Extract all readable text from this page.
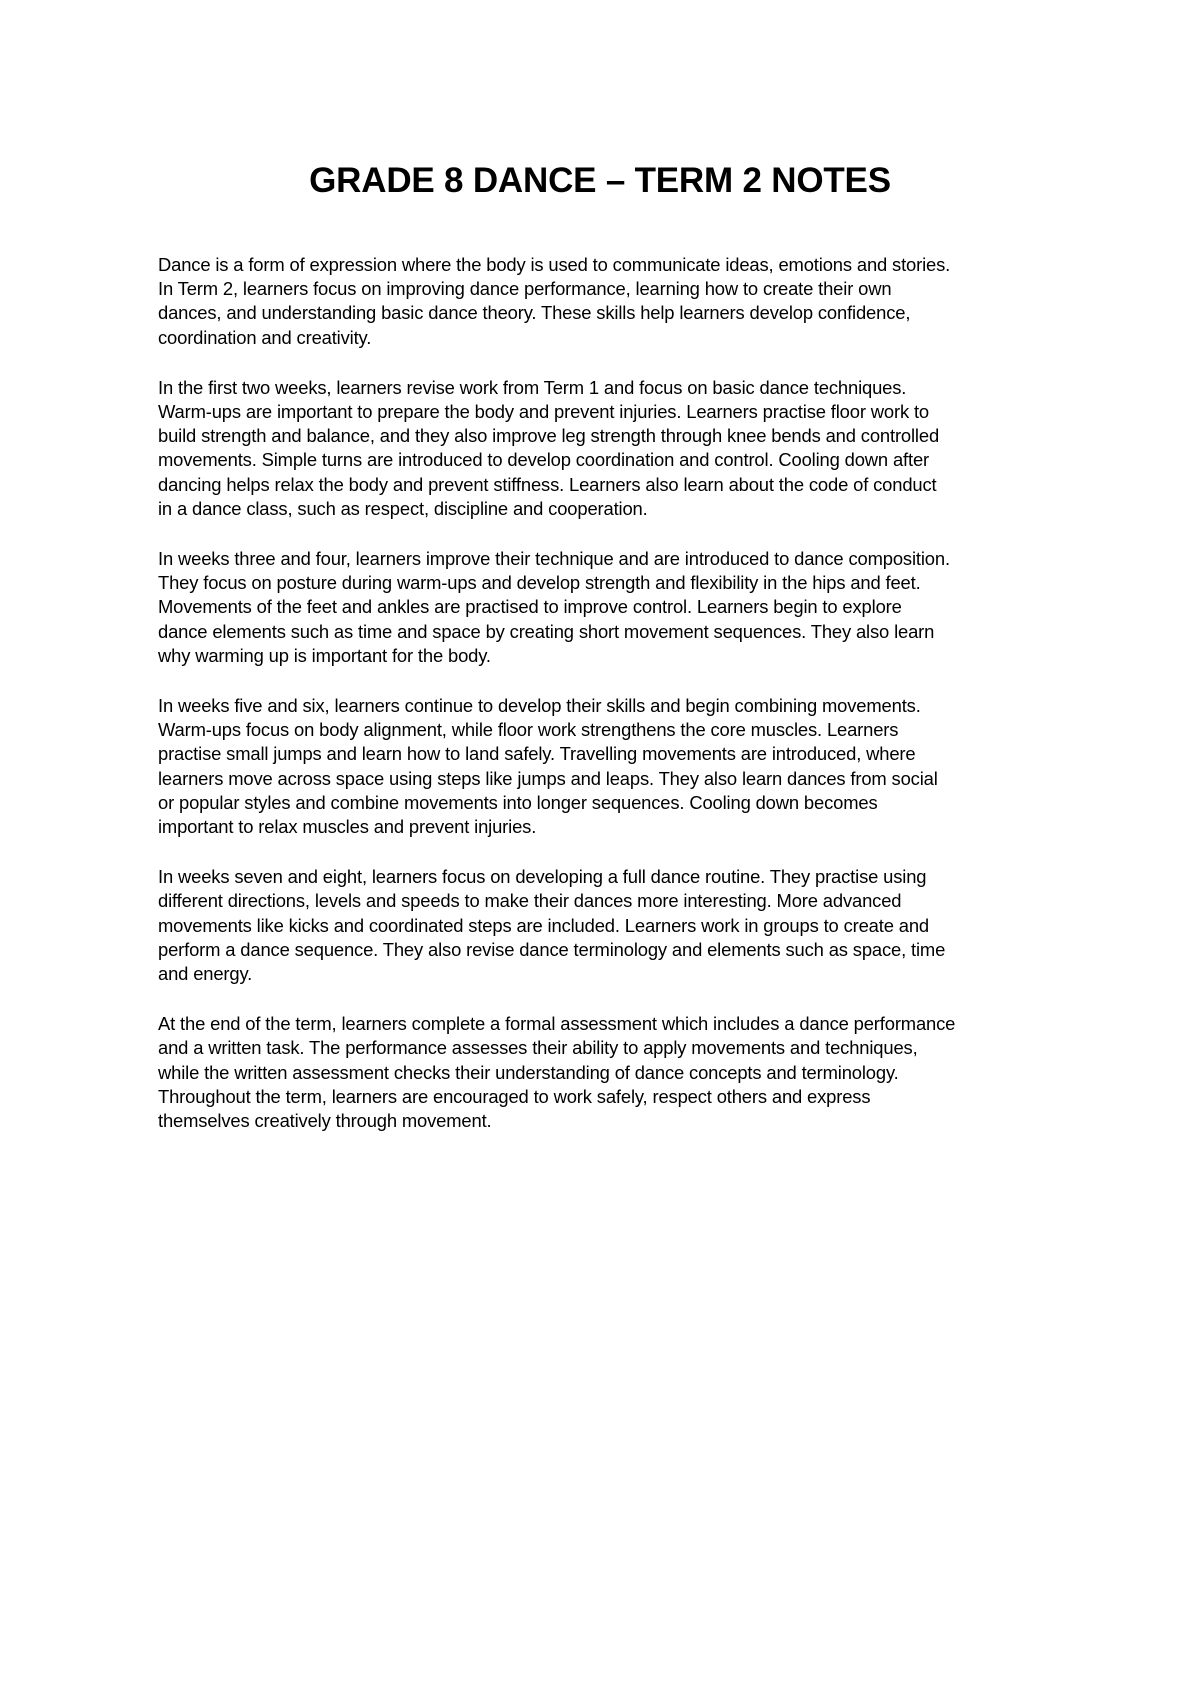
GRADE 8 DANCE – TERM 2 NOTES

Dance is a form of expression where the body is used to communicate ideas, emotions and stories.
In Term 2, learners focus on improving dance performance, learning how to create their own
dances, and understanding basic dance theory. These skills help learners develop confidence,
coordination and creativity.

In the first two weeks, learners revise work from Term 1 and focus on basic dance techniques.
Warm-ups are important to prepare the body and prevent injuries. Learners practise floor work to
build strength and balance, and they also improve leg strength through knee bends and controlled
movements. Simple turns are introduced to develop coordination and control. Cooling down after
dancing helps relax the body and prevent stiffness. Learners also learn about the code of conduct
in a dance class, such as respect, discipline and cooperation.

In weeks three and four, learners improve their technique and are introduced to dance composition.
They focus on posture during warm-ups and develop strength and flexibility in the hips and feet.
Movements of the feet and ankles are practised to improve control. Learners begin to explore
dance elements such as time and space by creating short movement sequences. They also learn
why warming up is important for the body.

In weeks five and six, learners continue to develop their skills and begin combining movements.
Warm-ups focus on body alignment, while floor work strengthens the core muscles. Learners
practise small jumps and learn how to land safely. Travelling movements are introduced, where
learners move across space using steps like jumps and leaps. They also learn dances from social
or popular styles and combine movements into longer sequences. Cooling down becomes
important to relax muscles and prevent injuries.

In weeks seven and eight, learners focus on developing a full dance routine. They practise using
different directions, levels and speeds to make their dances more interesting. More advanced
movements like kicks and coordinated steps are included. Learners work in groups to create and
perform a dance sequence. They also revise dance terminology and elements such as space, time
and energy.

At the end of the term, learners complete a formal assessment which includes a dance performance
and a written task. The performance assesses their ability to apply movements and techniques,
while the written assessment checks their understanding of dance concepts and terminology.
Throughout the term, learners are encouraged to work safely, respect others and express
themselves creatively through movement.
